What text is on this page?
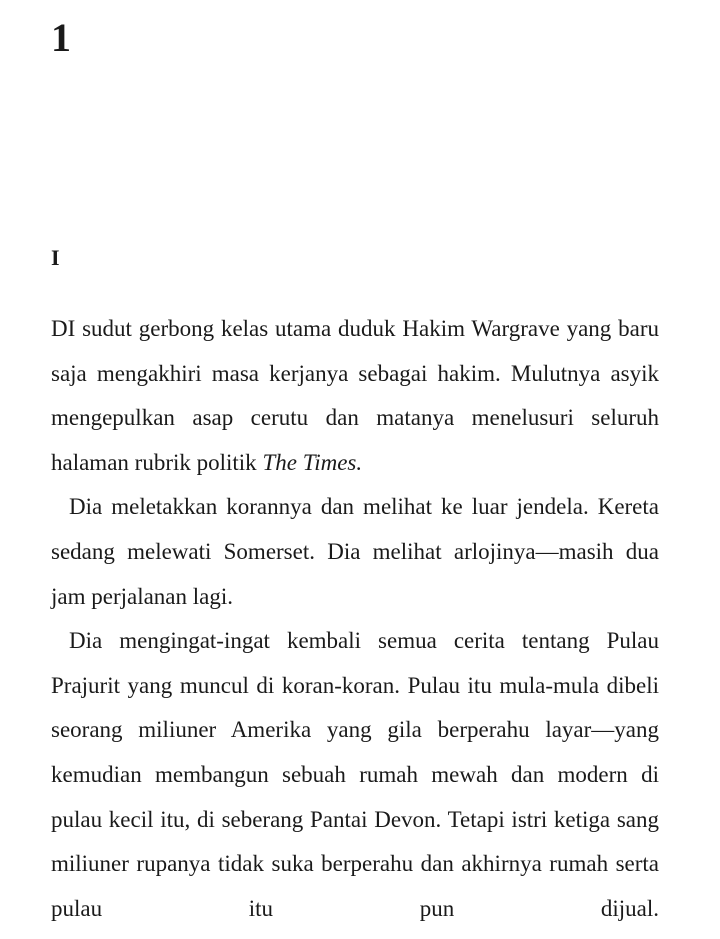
1
I

DI sudut gerbong kelas utama duduk Hakim Wargrave yang baru saja mengakhiri masa kerjanya sebagai hakim. Mulutnya asyik mengepulkan asap cerutu dan matanya menelusuri seluruh halaman rubrik politik The Times.

Dia meletakkan korannya dan melihat ke luar jendela. Kereta sedang melewati Somerset. Dia melihat arlojinya—masih dua jam perjalanan lagi.

Dia mengingat-ingat kembali semua cerita tentang Pulau Prajurit yang muncul di koran-koran. Pulau itu mula-mula dibeli seorang miliuner Amerika yang gila berperahu layar—yang kemudian membangun sebuah rumah mewah dan modern di pulau kecil itu, di seberang Pantai Devon. Tetapi istri ketiga sang miliuner rupanya tidak suka berperahu dan akhirnya rumah serta pulau itu pun dijual.
